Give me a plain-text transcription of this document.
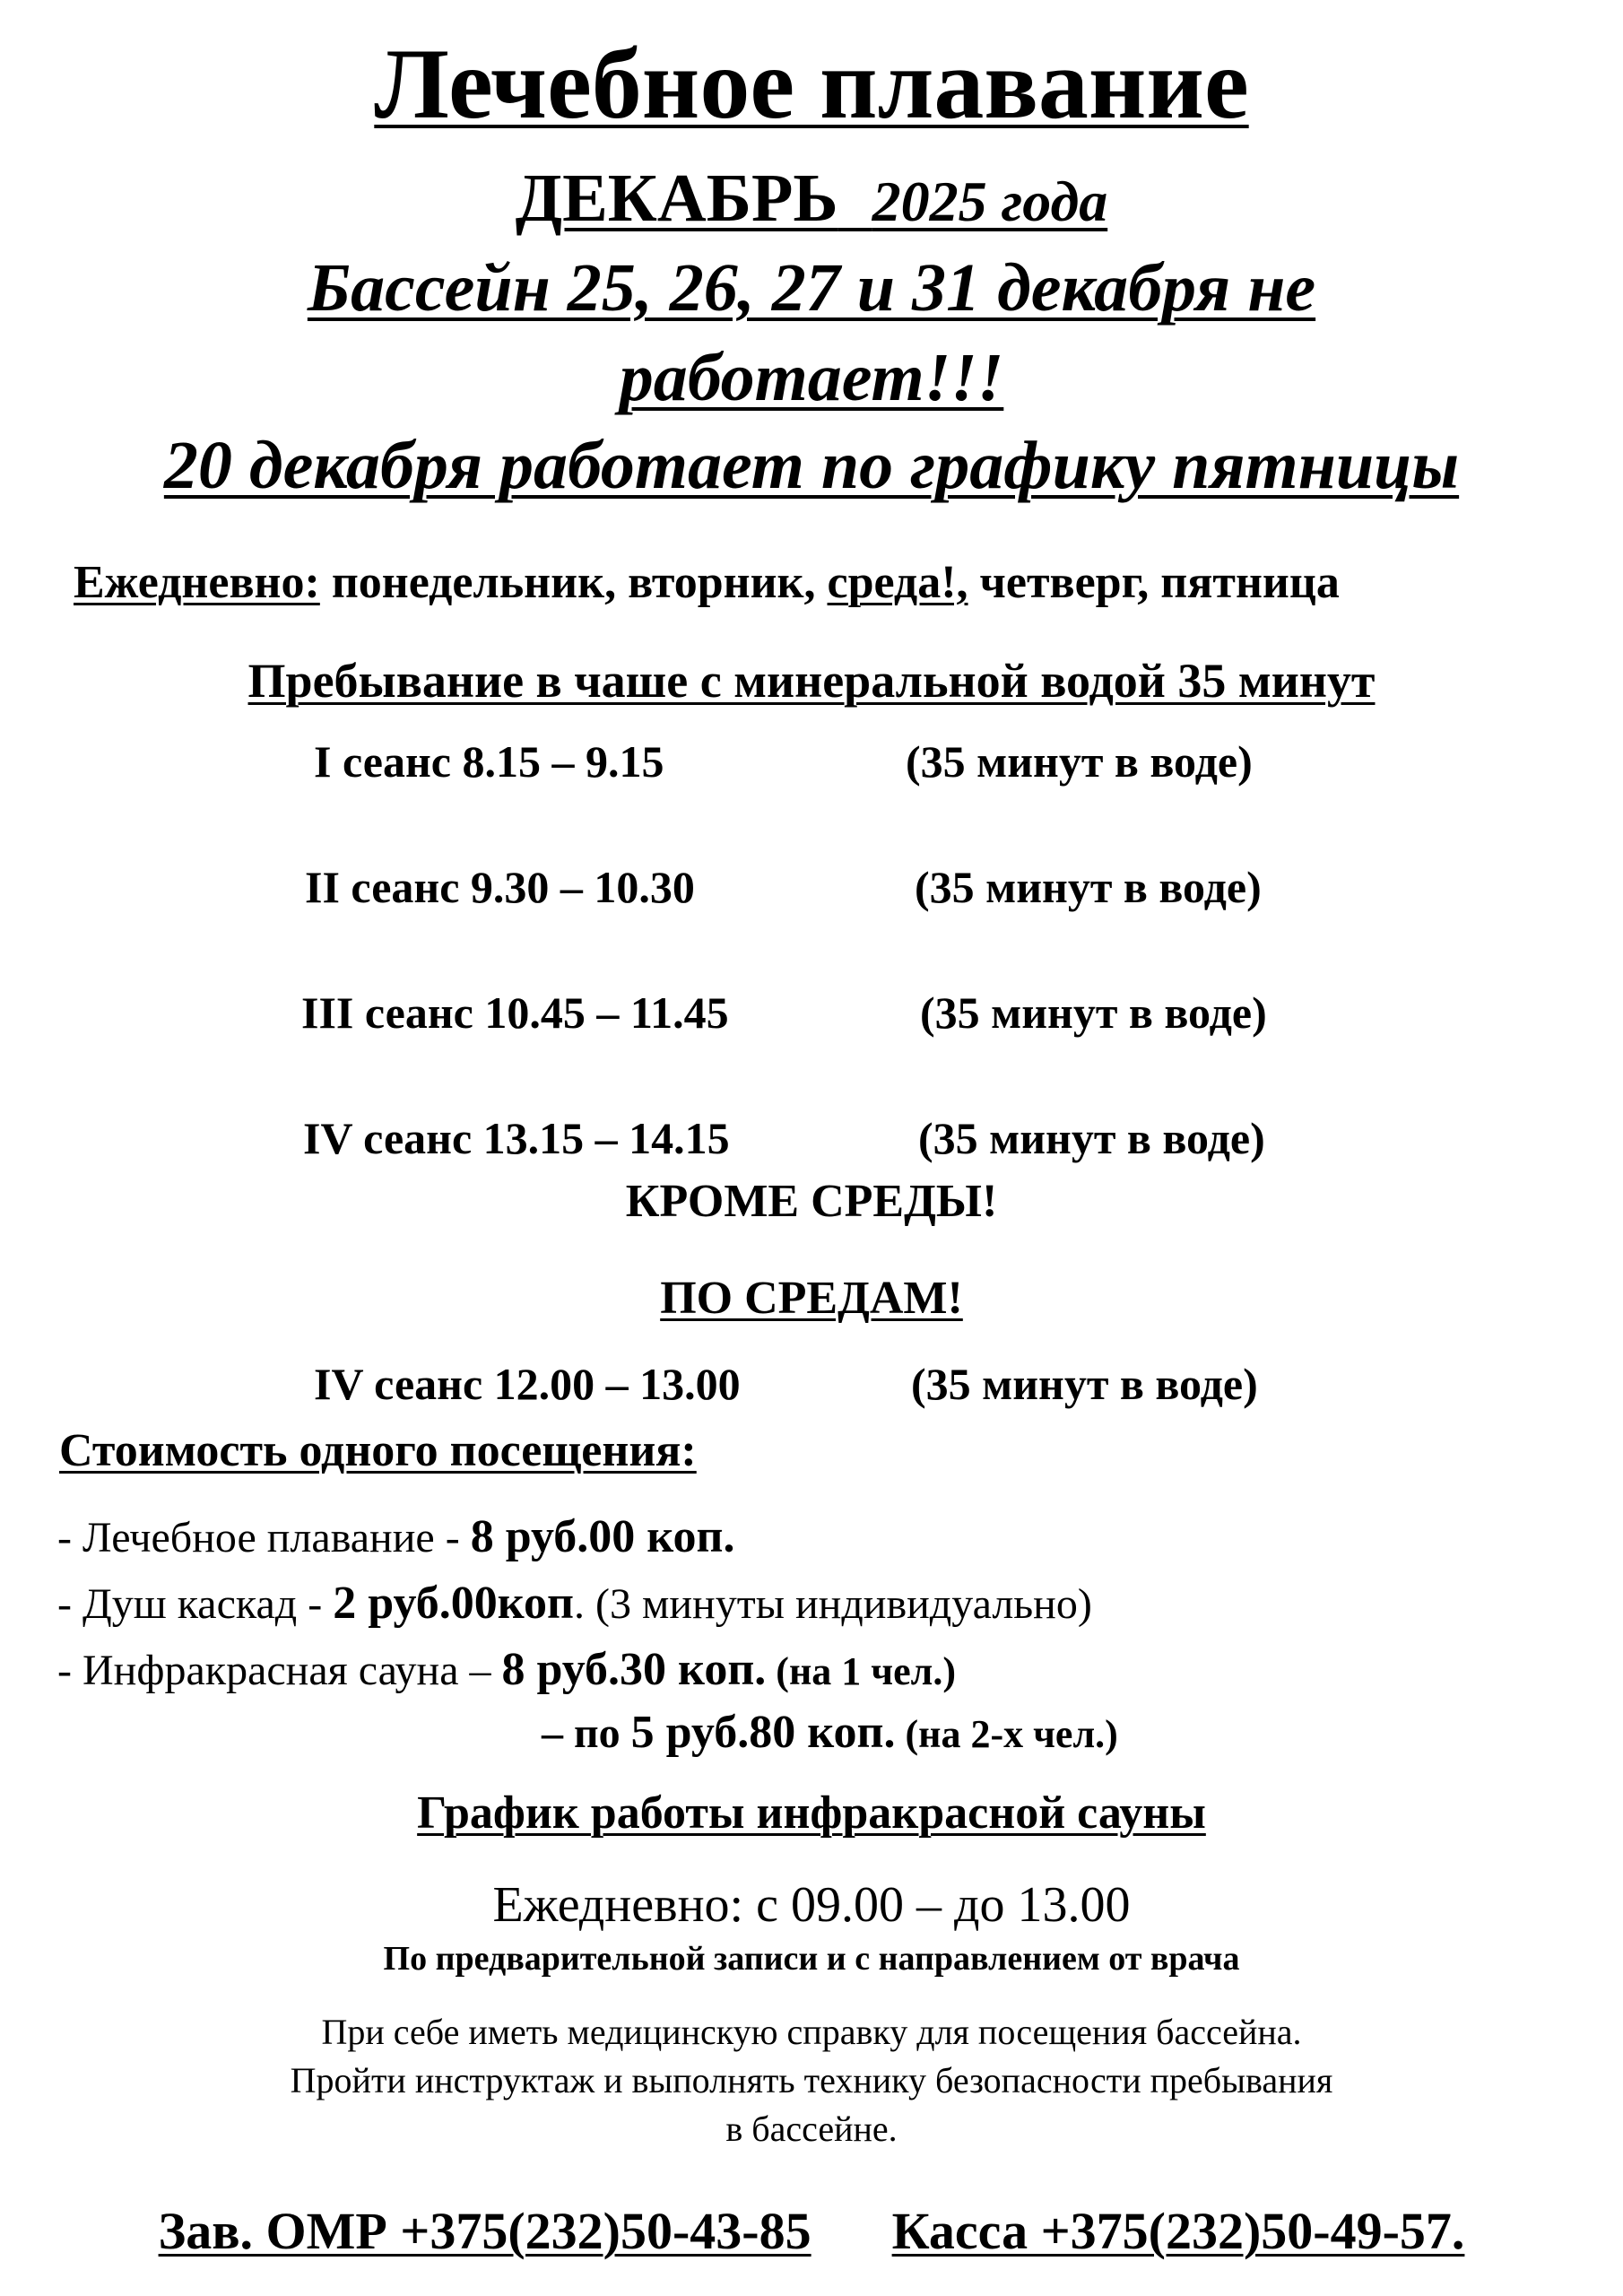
Лечебное плавание
ДЕКАБРЬ 2025 года
Бассейн 25, 26, 27 и 31 декабря не
работает!!!
20 декабря работает по графику пятницы
Ежедневно: понедельник, вторник, среда!, четверг, пятница
Пребывание в чаше с минеральной водой 35 минут
I сеанс 8.15 – 9.15	(35 минут в воде)
II сеанс 9.30 – 10.30	(35 минут в воде)
III сеанс 10.45 – 11.45	(35 минут в воде)
IV сеанс 13.15 – 14.15	(35 минут в воде)
КРОМЕ СРЕДЫ!
ПО СРЕДАМ!
IV сеанс 12.00 – 13.00	(35 минут в воде)
Стоимость одного посещения:
- Лечебное плавание - 8 руб.00 коп.
- Душ каскад - 2 руб.00коп. (3 минуты индивидуально)
- Инфракрасная сауна – 8 руб.30 коп. (на 1 чел.)
– по 5 руб.80 коп. (на 2-х чел.)
График работы инфракрасной сауны
Ежедневно: с 09.00 – до 13.00
По предварительной записи и с направлением от врача
При себе иметь медицинскую справку для посещения бассейна.
Пройти инструктаж и выполнять технику безопасности пребывания
в бассейне.
Зав. ОМР +375(232)50-43-85 Касса +375(232)50-49-57.
